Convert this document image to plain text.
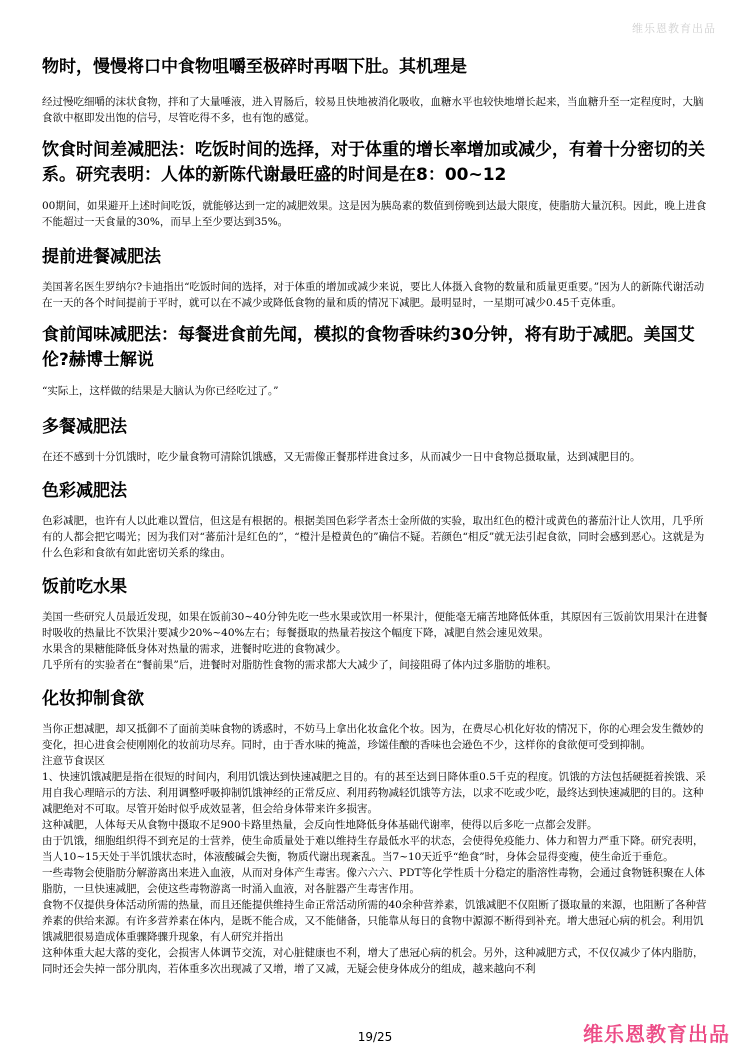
维乐恩教育出品
物时，慢慢将口中食物咀嚼至极碎时再咽下肚。其机理是

经过慢吃细嚼的沫状食物，拌和了大量唾液，进入胃肠后，较易且快地被消化吸收，血糖水平也较快地增长起来，当血糖升至一定程度时，大脑食欲中枢即发出饱的信号，尽管吃得不多，也有饱的感觉。

饮食时间差减肥法：吃饭时间的选择，对于体重的增长率增加或减少，有着十分密切的关系。研究表明：人体的新陈代谢最旺盛的时间是在8：00~12

00期间，如果避开上述时间吃饭，就能够达到一定的减肥效果。这是因为胰岛素的数值到傍晚到达最大限度，使脂肪大量沉积。因此，晚上进食不能超过一天食量的30%，而早上至少要达到35%。

提前进餐减肥法

美国著名医生罗纳尔?卡迪指出“吃饭时间的选择，对于体重的增加或减少来说，要比人体摄入食物的数量和质量更重要。”因为人的新陈代谢活动在一天的各个时间提前于平时，就可以在不减少或降低食物的量和质的情况下减肥。最明显时，一星期可减少0.45千克体重。

食前闻味减肥法：每餐进食前先闻，模拟的食物香味约30分钟，将有助于减肥。美国艾伦?赫博士解说

“实际上，这样做的结果是大脑认为你已经吃过了。”

多餐减肥法

在还不感到十分饥饿时，吃少量食物可清除饥饿感，又无需像正餐那样进食过多，从而减少一日中食物总摄取量，达到减肥目的。

色彩减肥法

色彩减肥，也许有人以此难以置信，但这是有根据的。根据美国色彩学者杰士金所做的实验，取出红色的橙汁或黄色的蕃茄汁让人饮用，几乎所有的人都会把它喝光；因为我们对“蕃茄汁是红色的”，“橙汁是橙黄色的”确信不疑。若颜色“相反”就无法引起食欲，同时会感到恶心。这就是为什么色彩和食欲有如此密切关系的缘由。

饭前吃水果

美国一些研究人员最近发现，如果在饭前30~40分钟先吃一些水果或饮用一杯果汁，便能毫无痛苦地降低体重，其原因有三饭前饮用果汁在进餐时吸收的热量比不饮果汁要减少20%~40%左右；每餐摄取的热量若按这个幅度下降，减肥自然会速见效果。

水果含的果糖能降低身体对热量的需求，进餐时吃进的食物减少。

几乎所有的实验者在“餐前果”后，进餐时对脂肪性食物的需求都大大减少了，间接阻碍了体内过多脂肪的堆积。

化妆抑制食欲

当你正想减肥，却又抵御不了面前美味食物的诱惑时，不妨马上拿出化妆盒化个妆。因为，在费尽心机化好妆的情况下，你的心理会发生微妙的变化，担心进食会使刚刚化的妆前功尽弃。同时，由于香水味的掩盖，珍馐佳酿的香味也会逊色不少，这样你的食欲便可受到抑制。

注意节食误区

1、快速饥饿减肥是指在很短的时间内，利用饥饿达到快速减肥之目的。有的甚至达到日降体重0.5千克的程度。饥饿的方法包括硬挺着挨饿、采用自我心理暗示的方法、利用调整呼吸抑制饥饿神经的正常反应、利用药物减轻饥饿等方法，以求不吃或少吃，最终达到快速减肥的目的。这种减肥绝对不可取。尽管开始时似乎成效显著，但会给身体带来许多损害。

这种减肥，人体每天从食物中摄取不足900卡路里热量，会反向性地降低身体基础代谢率，使得以后多吃一点都会发胖。

由于饥饿，细胞组织得不到充足的士营养，使生命质量处于难以维持生存最低水平的状态，会使得免疫能力、体力和智力严重下降。研究表明，当人10~15天处于半饥饿状态时，体液酸碱会失衡，物质代谢出现紊乱。当7~10天近乎“绝食”时，身体会显得变瘦，使生命近于垂危。

一些毒物会使脂肪分解游离出来进入血液，从而对身体产生毒害。像六六六、PDT等化学性质十分稳定的脂溶性毒物，会通过食物链积聚在人体脂肪，一旦快速减肥，会使这些毒物游离一时涌入血液，对各脏器产生毒害作用。

食物不仅提供身体活动所需的热量，而且还能提供维持生命正常活动所需的40余种营养素，饥饿减肥不仅阻断了摄取量的来源，也阻断了各种营养素的供给来源。有许多营养素在体内，是既不能合成，又不能储备，只能靠从每日的食物中源源不断得到补充。增大患冠心病的机会。利用饥饿减肥很易造成体重骤降骤升现象，有人研究并指出

这种体重大起大落的变化，会损害人体调节交流，对心脏健康也不利，增大了患冠心病的机会。另外，这种减肥方式，不仅仅减少了体内脂肪，同时还会失掉一部分肌肉，若体重多次出现减了又增，增了又减，无疑会使身体成分的组成，越来越向不利

19/25	维乐恩教育出品
